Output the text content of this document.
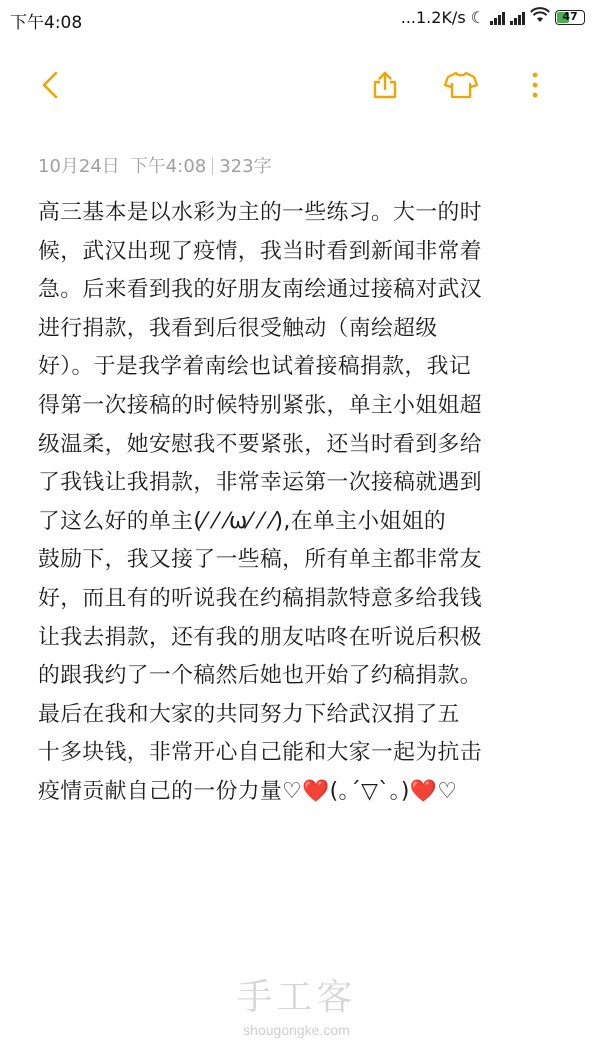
下午4:08	...1.2K/s ☾	47
10月24日 下午4:08 323字
高三基本是以水彩为主的一些练习。大一的时
候，武汉出现了疫情，我当时看到新闻非常着
急。后来看到我的好朋友南绘通过接稿对武汉
进行捐款，我看到后很受触动（南绘超级
好）。于是我学着南绘也试着接稿捐款，我记
得第一次接稿的时候特别紧张，单主小姐姐超
级温柔，她安慰我不要紧张，还当时看到多给
了我钱让我捐款，非常幸运第一次接稿就遇到
了这么好的单主(⁄ ⁄ ⁄ω⁄ ⁄ ⁄),在单主小姐姐的
鼓励下，我又接了一些稿，所有单主都非常友
好，而且有的听说我在约稿捐款特意多给我钱
让我去捐款，还有我的朋友咕咚在听说后积极
的跟我约了一个稿然后她也开始了约稿捐款。
最后在我和大家的共同努力下给武汉捐了五
十多块钱，非常开心自己能和大家一起为抗击
疫情贡献自己的一份力量♡❤️(｡´▽`｡)❤️♡
手工客
shougongke.com
